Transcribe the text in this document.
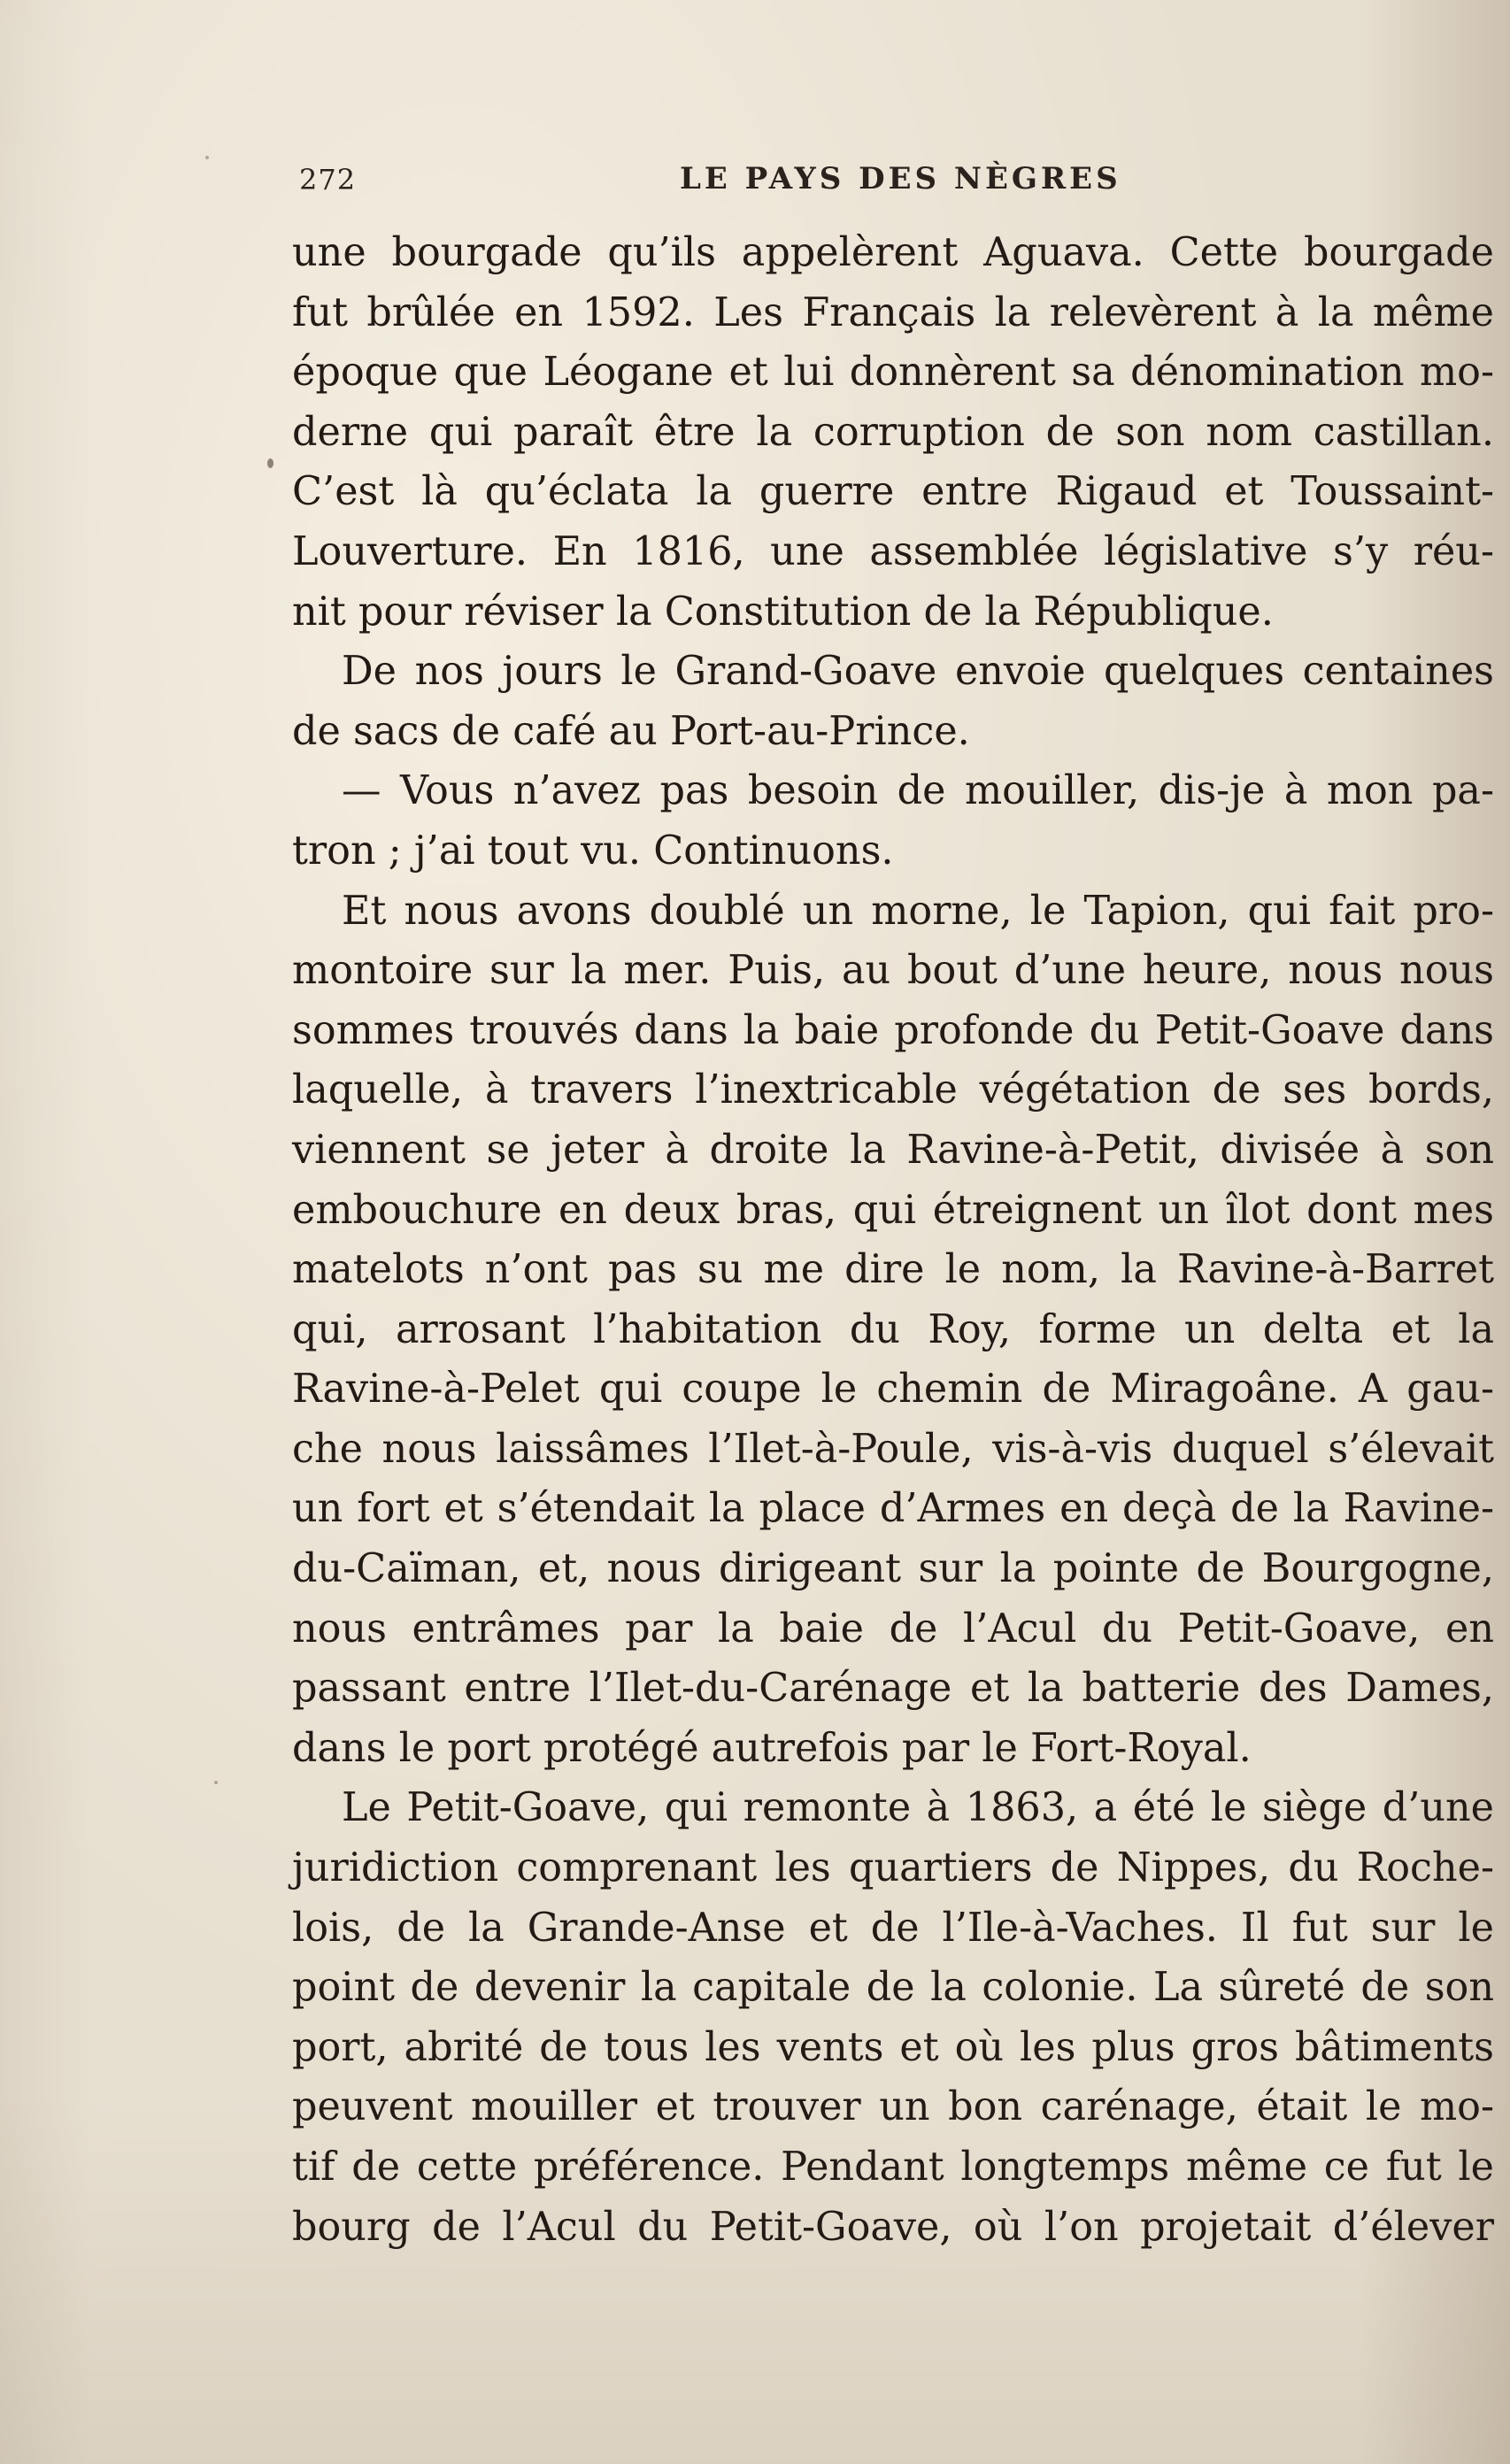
272	LE PAYS DES NÈGRES
une bourgade qu’ils appelèrent Aguava. Cette bourgade
fut brûlée en 1592. Les Français la relevèrent à la même
époque que Léogane et lui donnèrent sa dénomination mo-
derne qui paraît être la corruption de son nom castillan.
C’est là qu’éclata la guerre entre Rigaud et Toussaint-
Louverture. En 1816, une assemblée législative s’y réu-
nit pour réviser la Constitution de la République.
De nos jours le Grand-Goave envoie quelques centaines
de sacs de café au Port-au-Prince.
— Vous n’avez pas besoin de mouiller, dis-je à mon pa-
tron ; j’ai tout vu. Continuons.
Et nous avons doublé un morne, le Tapion, qui fait pro-
montoire sur la mer. Puis, au bout d’une heure, nous nous
sommes trouvés dans la baie profonde du Petit-Goave dans
laquelle, à travers l’inextricable végétation de ses bords,
viennent se jeter à droite la Ravine-à-Petit, divisée à son
embouchure en deux bras, qui étreignent un îlot dont mes
matelots n’ont pas su me dire le nom, la Ravine-à-Barret
qui, arrosant l’habitation du Roy, forme un delta et la
Ravine-à-Pelet qui coupe le chemin de Miragoâne. A gau-
che nous laissâmes l’Ilet-à-Poule, vis-à-vis duquel s’élevait
un fort et s’étendait la place d’Armes en deçà de la Ravine-
du-Caïman, et, nous dirigeant sur la pointe de Bourgogne,
nous entrâmes par la baie de l’Acul du Petit-Goave, en
passant entre l’Ilet-du-Carénage et la batterie des Dames,
dans le port protégé autrefois par le Fort-Royal.
Le Petit-Goave, qui remonte à 1863, a été le siège d’une
juridiction comprenant les quartiers de Nippes, du Roche-
lois, de la Grande-Anse et de l’Ile-à-Vaches. Il fut sur le
point de devenir la capitale de la colonie. La sûreté de son
port, abrité de tous les vents et où les plus gros bâtiments
peuvent mouiller et trouver un bon carénage, était le mo-
tif de cette préférence. Pendant longtemps même ce fut le
bourg de l’Acul du Petit-Goave, où l’on projetait d’élever
